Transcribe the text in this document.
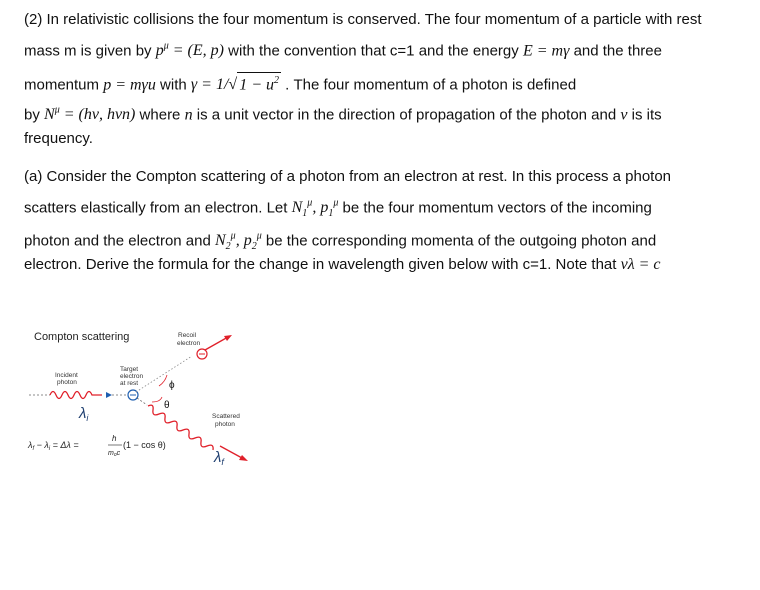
(2) In relativistic collisions the four momentum is conserved. The four momentum of a particle with rest
mass m is given by $p^\mu = (E$, p) with the convention that c=1 and the energy E = mγ and the three
momentum p = mγu with γ = 1/√ $1 - u^2$ . The four momentum of a photon is defined
by $N^\mu = (h\nu$, hνn) where n is a unit vector in the direction of propagation of the photon and ν is its
frequency.
(a) Consider the Compton scattering of a photon from an electron at rest. In this process a photon
scatters elastically from an electron. Let $N_1^\mu$, $p_1^\mu$ be the four momentum vectors of the incoming
photon and the electron and $N_2^\mu$, $p_2^\mu$ be the corresponding momenta of the outgoing photon and
electron. Derive the formula for the change in wavelength given below with c=1. Note that νλ = c
Compton scattering	Recoil
electron
Incident
photon
Target
electron
at rest	ϕ
θ
Scattered
photon
$\lambda_i$
$\lambda_f$
$\lambda_f - \lambda_i = \Delta\lambda$ =
h
moc
(1 − cos θ)
